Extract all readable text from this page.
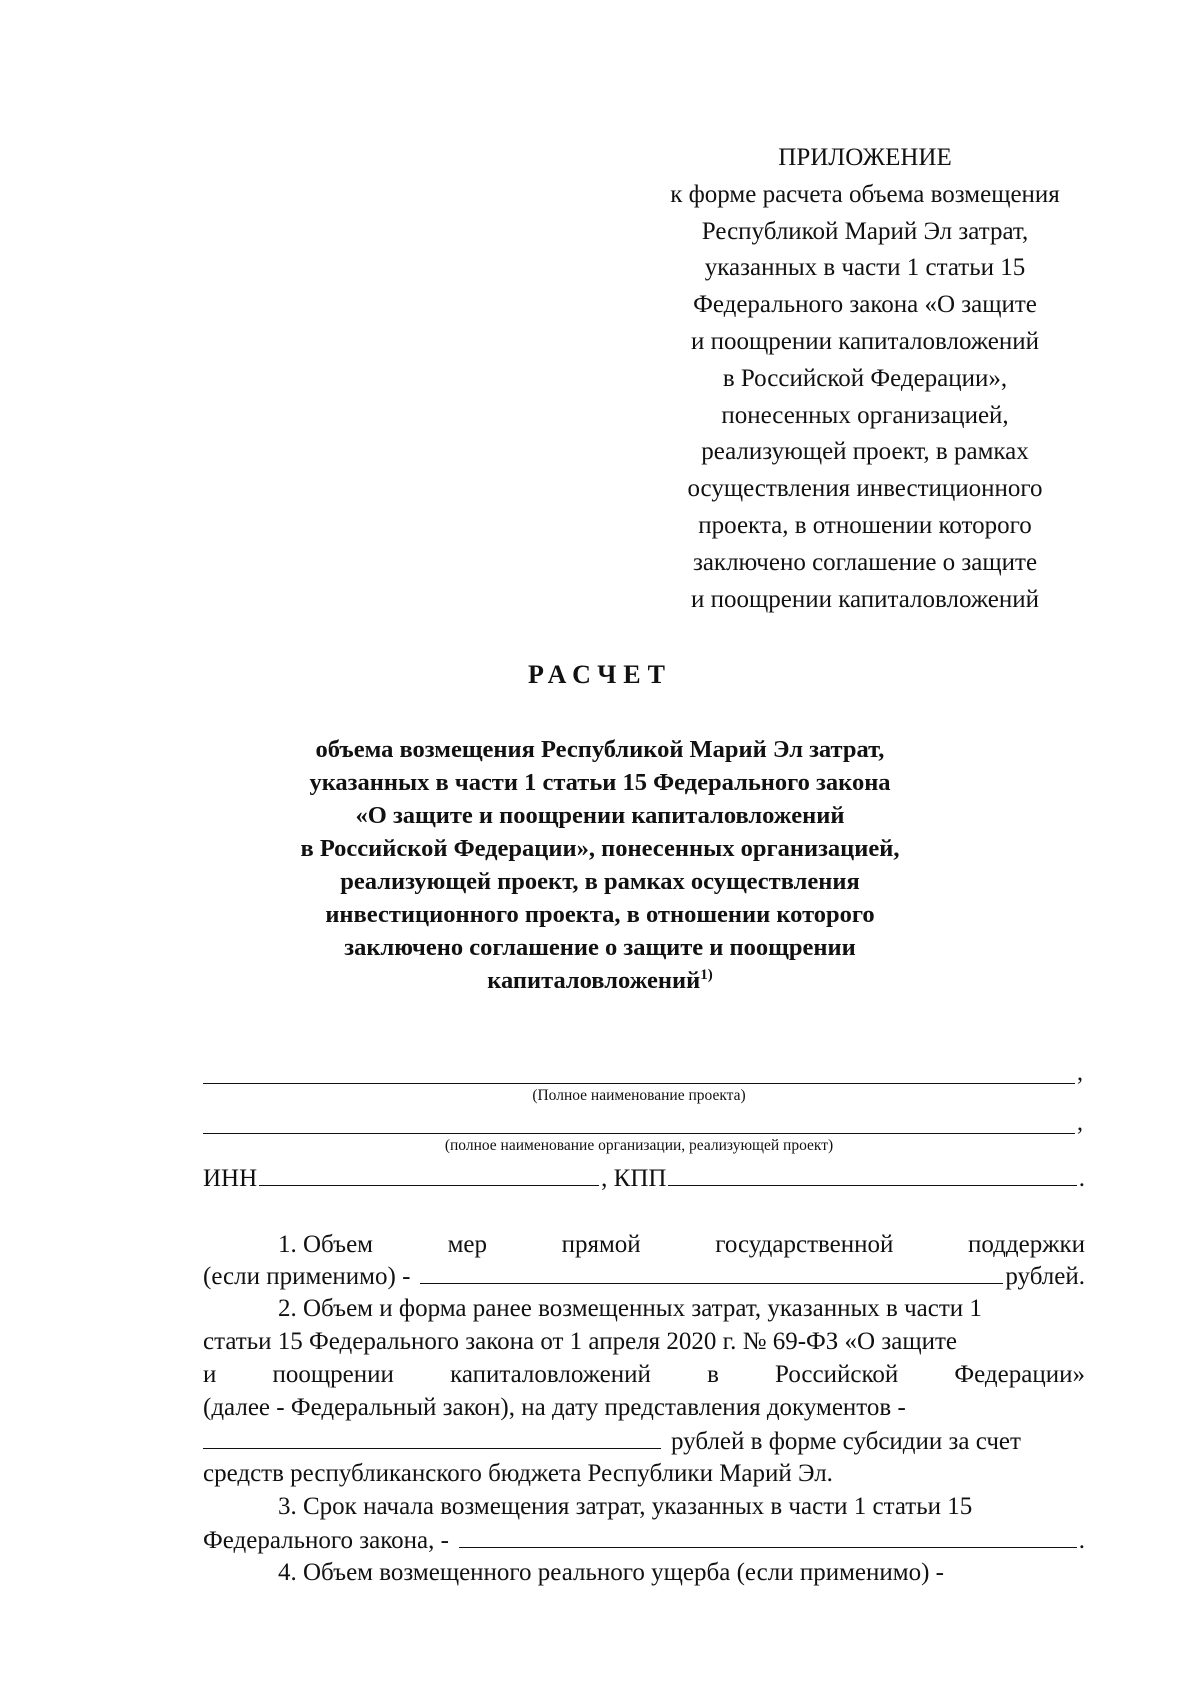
ПРИЛОЖЕНИЕ
к форме расчета объема возмещения
Республикой Марий Эл затрат,
указанных в части 1 статьи 15
Федерального закона «О защите
и поощрении капиталовложений
в Российской Федерации»,
понесенных организацией,
реализующей проект, в рамках
осуществления инвестиционного
проекта, в отношении которого
заключено соглашение о защите
и поощрении капиталовложений
РАСЧЕТ
объема возмещения Республикой Марий Эл затрат,
указанных в части 1 статьи 15 Федерального закона
«О защите и поощрении капиталовложений
в Российской Федерации», понесенных организацией,
реализующей проект, в рамках осуществления
инвестиционного проекта, в отношении которого
заключено соглашение о защите и поощрении
капиталовложений$^{1)}$
,
(Полное наименование проекта)
,
(полное наименование организации, реализующей проект)
ИНН	, КПП	.
1. Объем	мер	прямой	государственной	поддержки
(если применимо) -	рублей.
2. Объем и форма ранее возмещенных затрат, указанных в части 1
статьи 15 Федерального закона от 1 апреля 2020 г. № 69-ФЗ «О защите
и поощрении капиталовложений в Российской Федерации»
(далее - Федеральный закон), на дату представления документов -
рублей в форме субсидии за счет
средств республиканского бюджета Республики Марий Эл.
3. Срок начала возмещения затрат, указанных в части 1 статьи 15
Федерального закона, -	.
4. Объем возмещенного реального ущерба (если применимо) -
